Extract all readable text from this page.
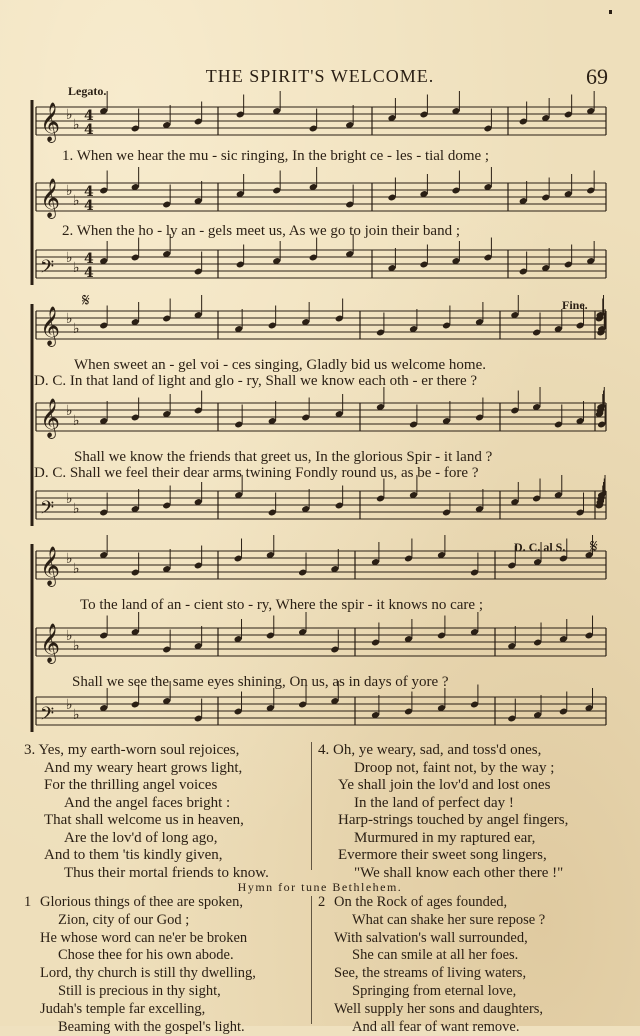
𝄞 ♭
♭
𝄞 ♭
♭
𝄢 ♭
♭
𝄞 ♭
♭
𝄞 ♭
♭
𝄢 ♭
♭
𝄞 ♭
♭
𝄞 ♭
♭
𝄢 ♭
♭
4
4
4
4
4
4
𝄋
𝄋
69
THE SPIRIT'S WELCOME.
Legato.
1. When we hear the mu - sic ringing, In the bright ce - les - tial dome ;
2. When the ho - ly an - gels meet us, As we go to join their band ;
Fine.
When sweet an - gel voi - ces singing, Gladly bid us welcome home.
D. C. In that land of light and glo - ry, Shall we know each oth - er there ?
Shall we know the friends that greet us, In the glorious Spir - it land ?
D. C. Shall we feel their dear arms twining Fondly round us, as be - fore ?
D. C. al S.
To the land of an - cient sto - ry, Where the spir - it knows no care ;
Shall we see the same eyes shining, On us, as in days of yore ?
3. Yes, my earth-worn soul rejoices,
And my weary heart grows light,
For the thrilling angel voices
And the angel faces bright :
That shall welcome us in heaven,
Are the lov'd of long ago,
And to them 'tis kindly given,
Thus their mortal friends to know.
4. Oh, ye weary, sad, and toss'd ones,
Droop not, faint not, by the way ;
Ye shall join the lov'd and lost ones
In the land of perfect day !
Harp-strings touched by angel fingers,
Murmured in my raptured ear,
Evermore their sweet song lingers,
"We shall know each other there !"
Hymn for tune Bethlehem.
1 Glorious things of thee are spoken,
Zion, city of our God ;
He whose word can ne'er be broken
Chose thee for his own abode.
Lord, thy church is still thy dwelling,
Still is precious in thy sight,
Judah's temple far excelling,
Beaming with the gospel's light.
2 On the Rock of ages founded,
What can shake her sure repose ?
With salvation's wall surrounded,
She can smile at all her foes.
See, the streams of living waters,
Springing from eternal love,
Well supply her sons and daughters,
And all fear of want remove.
